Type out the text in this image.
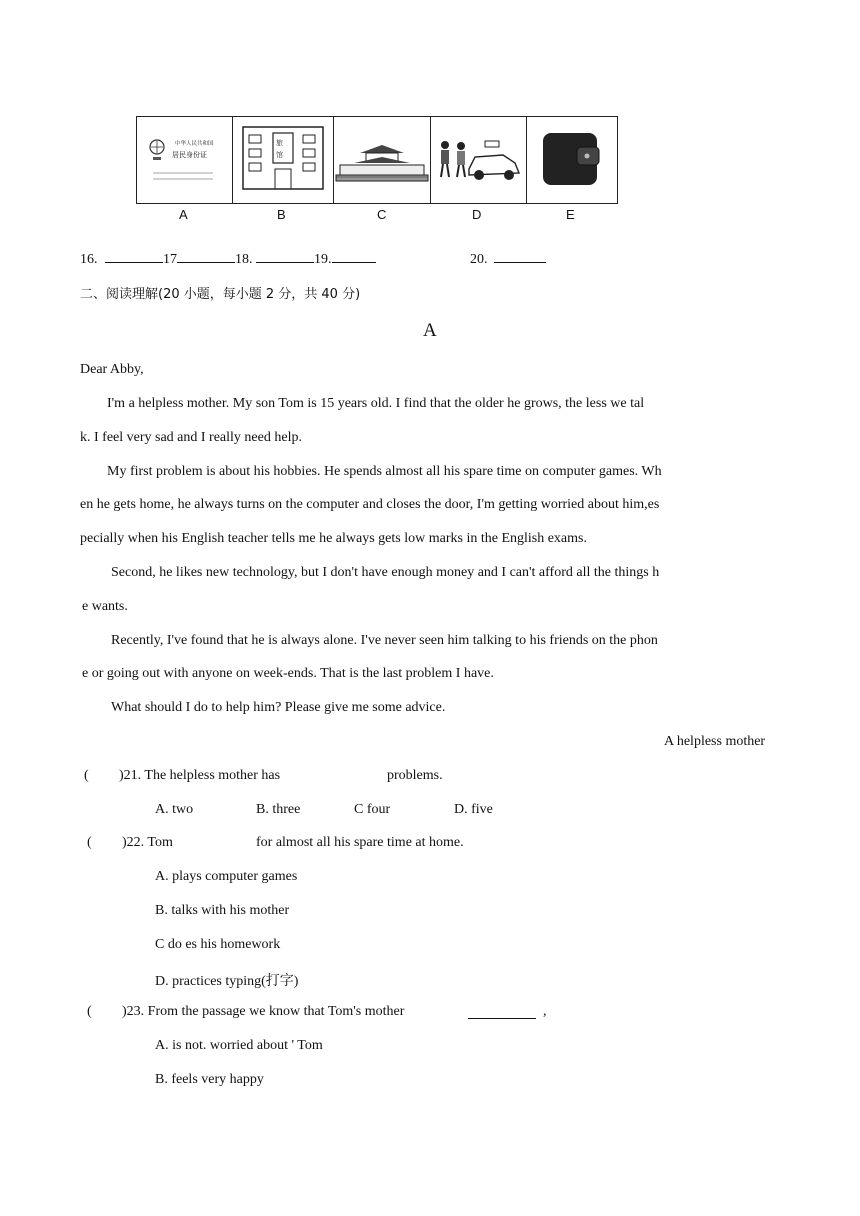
中华人民共和国
居民身份证
旅
馆
A	B	C	D	E
16.	17	18.	19.	20.
二、阅读理解(20 小题，每小题 2 分，共 40 分)
A
Dear Abby,
I'm a helpless mother. My son Tom is 15 years old. I find that the older he grows, the less we tal
k. I feel very sad and I really need help.
My first problem is about his hobbies. He spends almost all his spare time on computer games. Wh
en he gets home, he always turns on the computer and closes the door, I'm getting worried about him,es
pecially when his English teacher tells me he always gets low marks in the English exams.
Second, he likes new technology, but I don't have enough money and I can't afford all the things h
e wants.
Recently, I've found that he is always alone. I've never seen him talking to his friends on the phon
e or going out with anyone on week-ends. That is the last problem I have.
What should I do to help him? Please give me some advice.
A helpless mother
( )21. The helpless mother has	problems.
A. two	B. three	C four	D. five
( )22. Tom	for almost all his spare time at home.
A. plays computer games
B. talks with his mother
C do es his homework
D. practices typing(打字)
( )23. From the passage we know that Tom's mother	,
A. is not. worried about ' Tom
B. feels very happy
